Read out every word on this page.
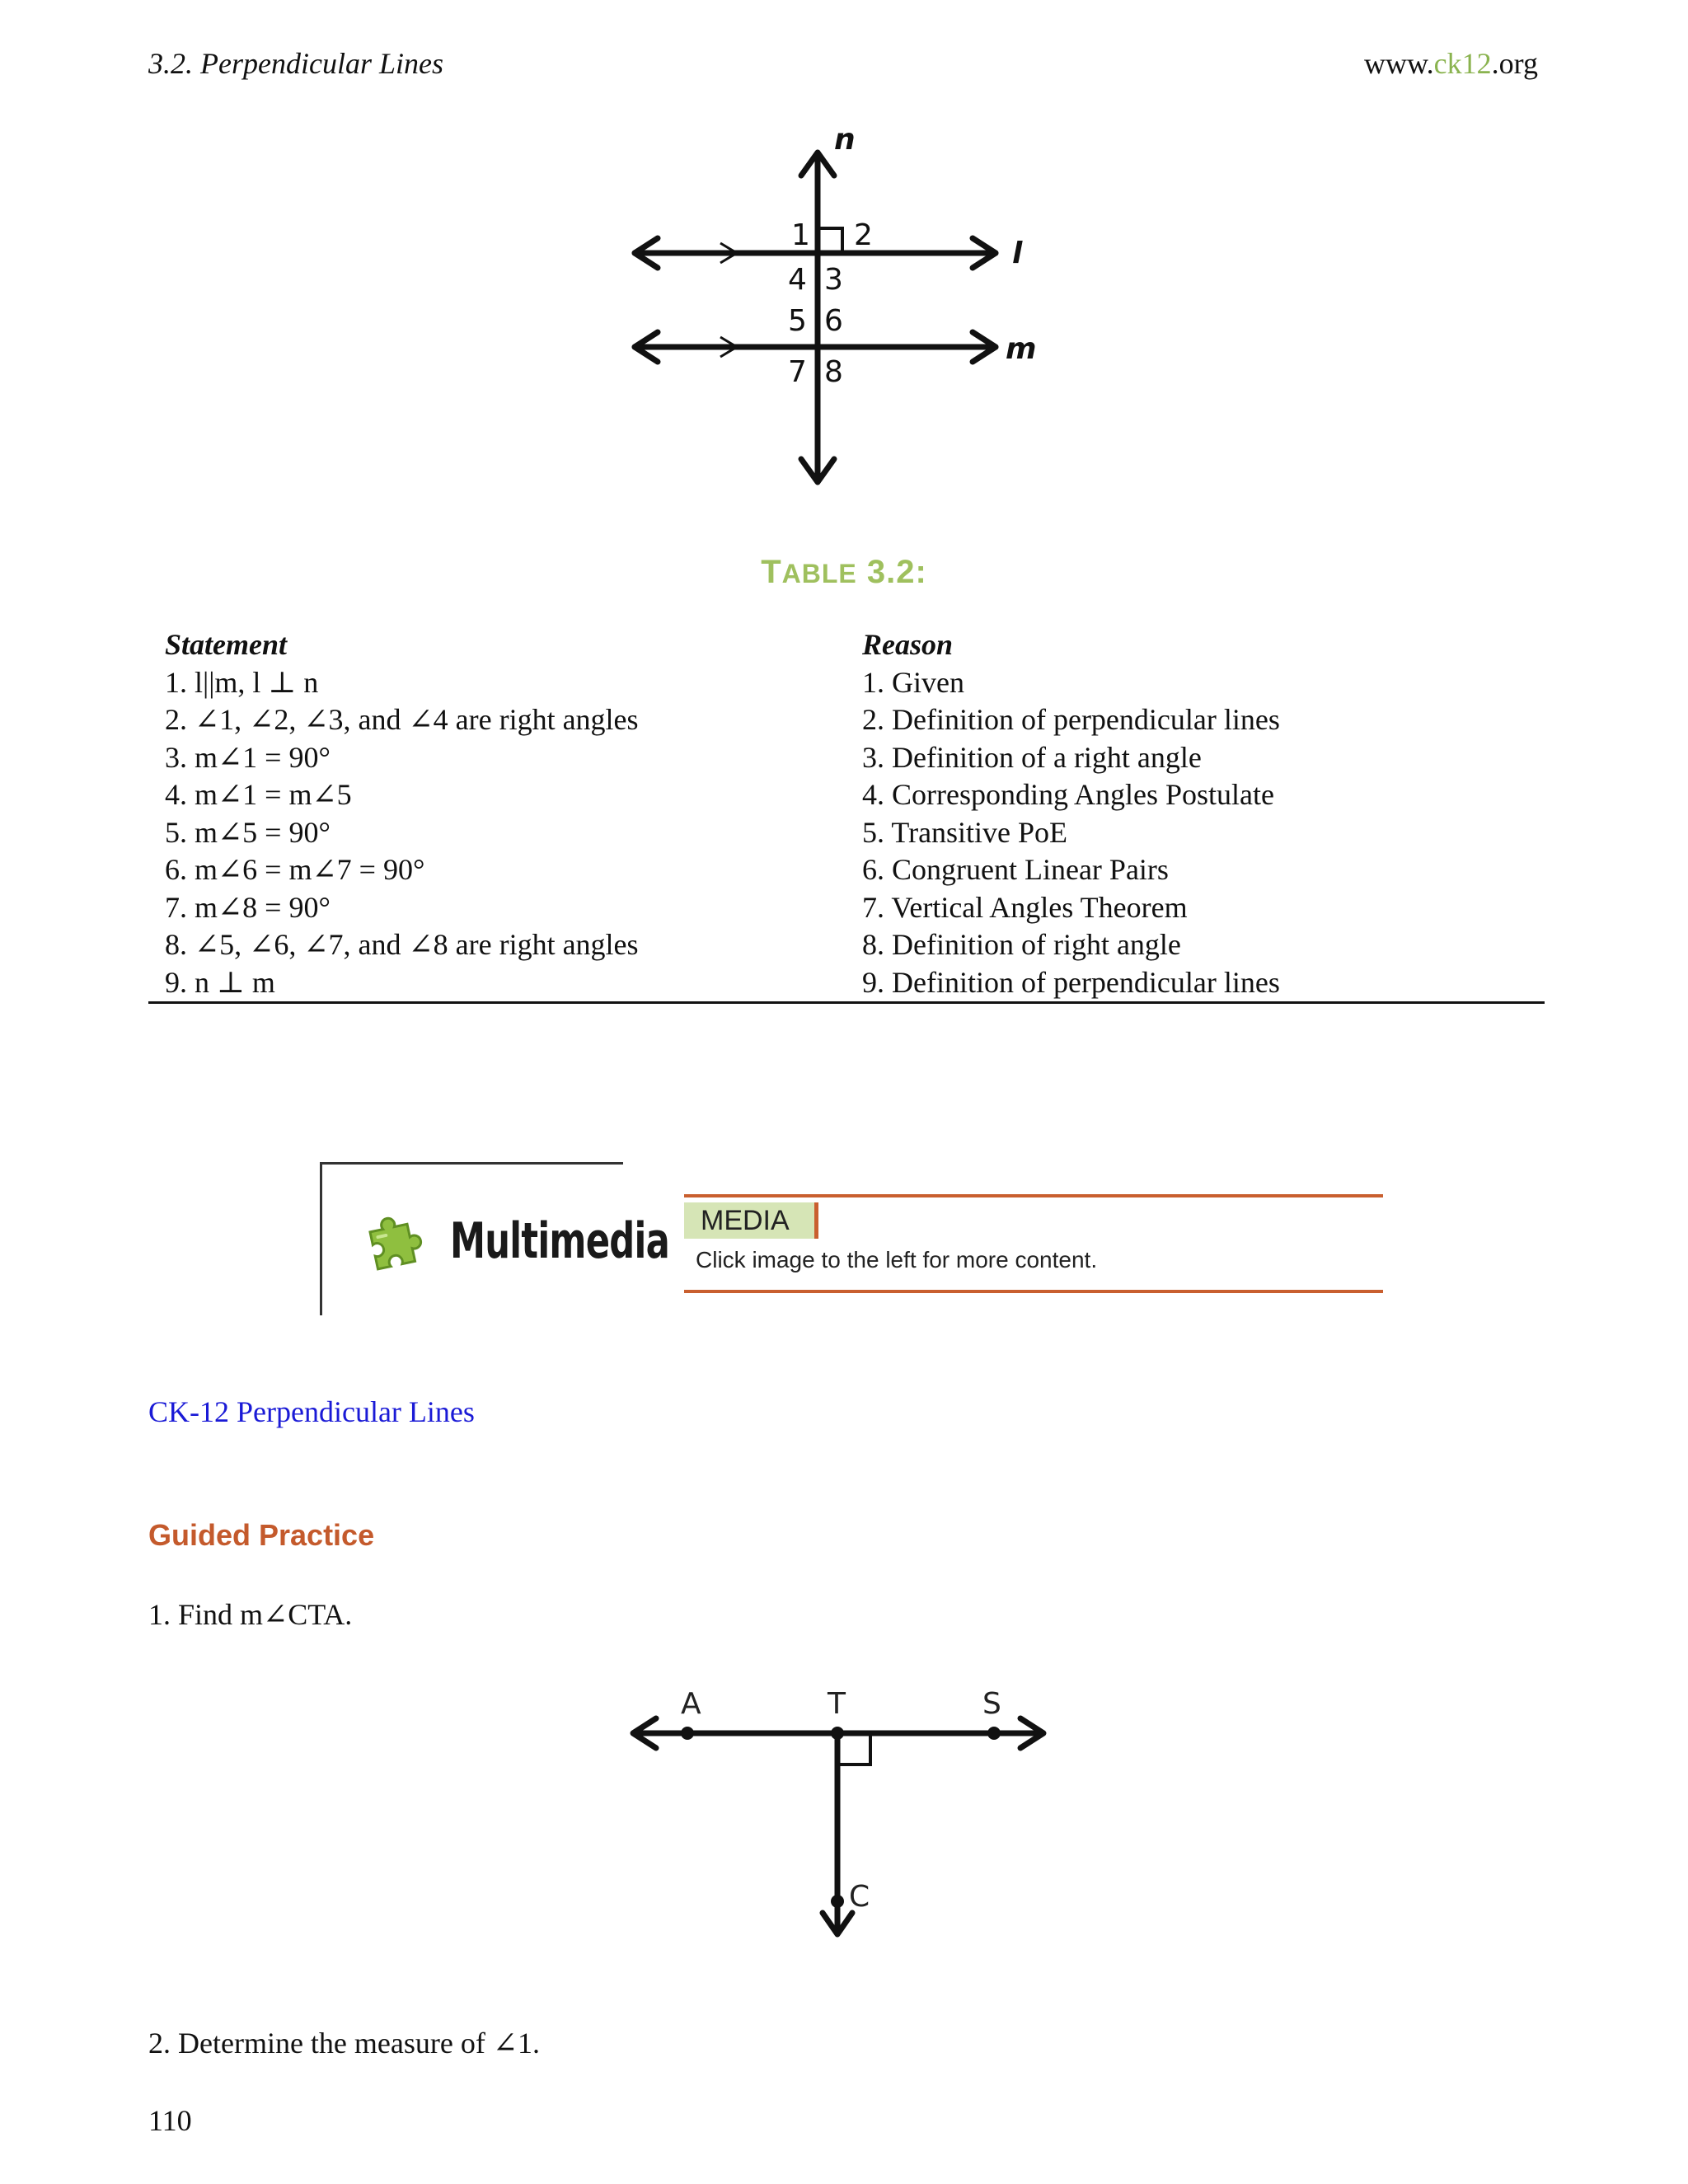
3.2. Perpendicular Lines	www.ck12.org
n
l
m
1 2
3
4
5 6
7 8
TABLE 3.2:
Statement	Reason
1. l||m, l ⊥ n	1. Given
2. ∠1, ∠2, ∠3, and ∠4 are right angles	2. Definition of perpendicular lines
3. m∠1 = 90°	3. Definition of a right angle
4. m∠1 = m∠5	4. Corresponding Angles Postulate
5. m∠5 = 90°	5. Transitive PoE
6. m∠6 = m∠7 = 90°	6. Congruent Linear Pairs
7. m∠8 = 90°	7. Vertical Angles Theorem
8. ∠5, ∠6, ∠7, and ∠8 are right angles	8. Definition of right angle
9. n ⊥ m	9. Definition of perpendicular lines
Multimedia	MEDIA
Click image to the left for more content.
CK-12 Perpendicular Lines
Guided Practice
1. Find m∠CTA.
A	T	S
C
2. Determine the measure of ∠1.
110
